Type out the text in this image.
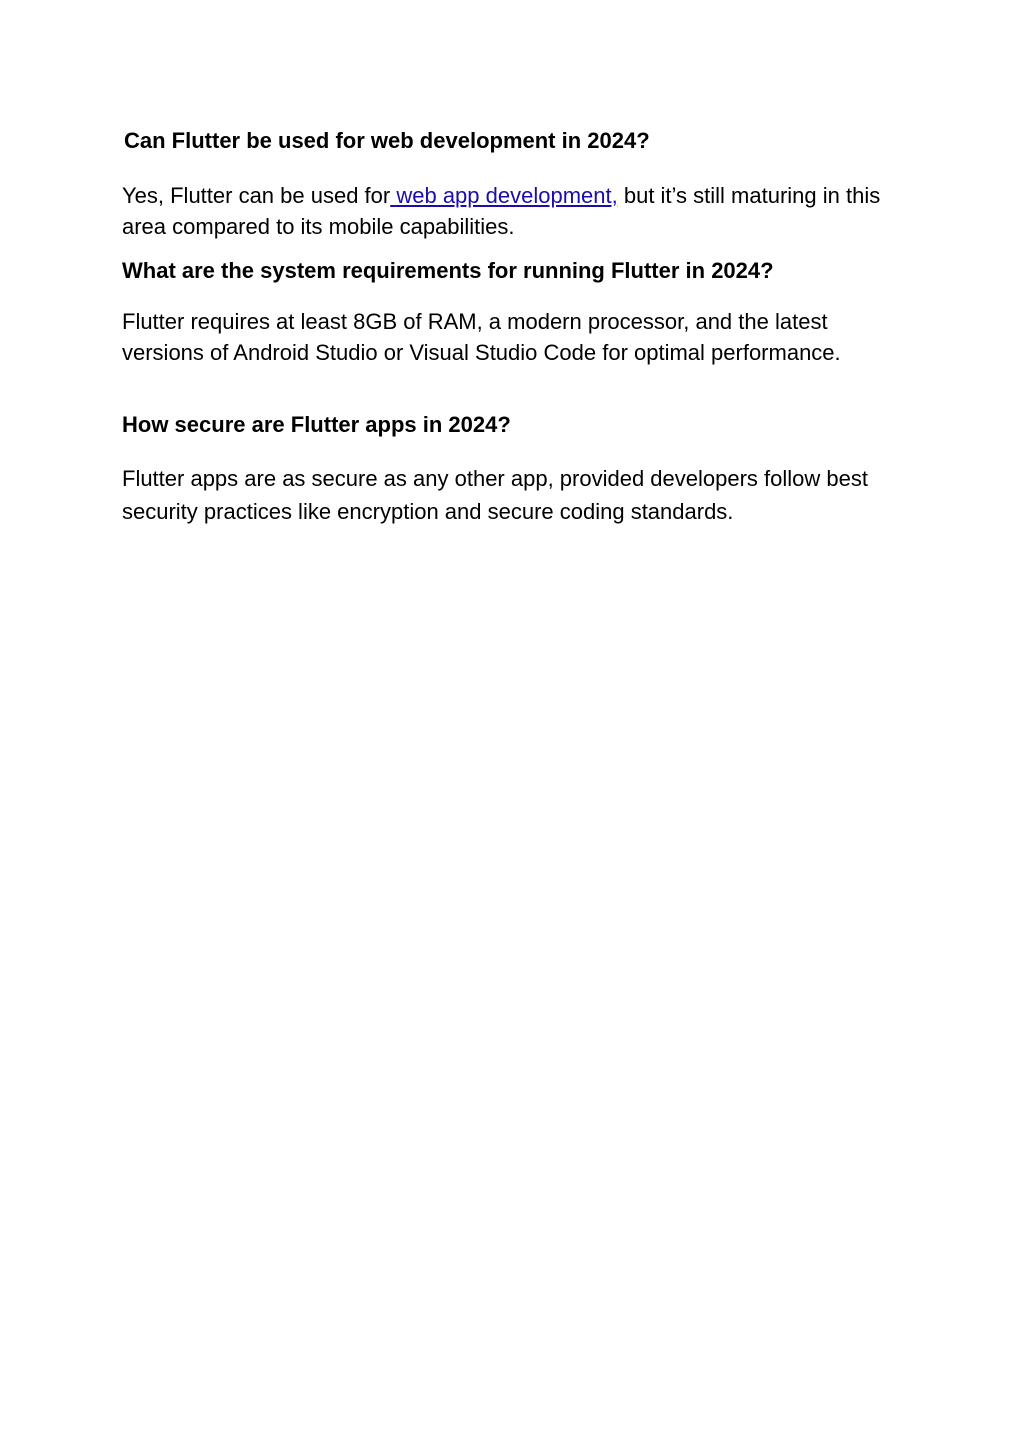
Can Flutter be used for web development in 2024?

Yes, Flutter can be used for web app development, but it’s still maturing in this area compared to its mobile capabilities.

What are the system requirements for running Flutter in 2024?

Flutter requires at least 8GB of RAM, a modern processor, and the latest versions of Android Studio or Visual Studio Code for optimal performance.

How secure are Flutter apps in 2024?

Flutter apps are as secure as any other app, provided developers follow best security practices like encryption and secure coding standards.
